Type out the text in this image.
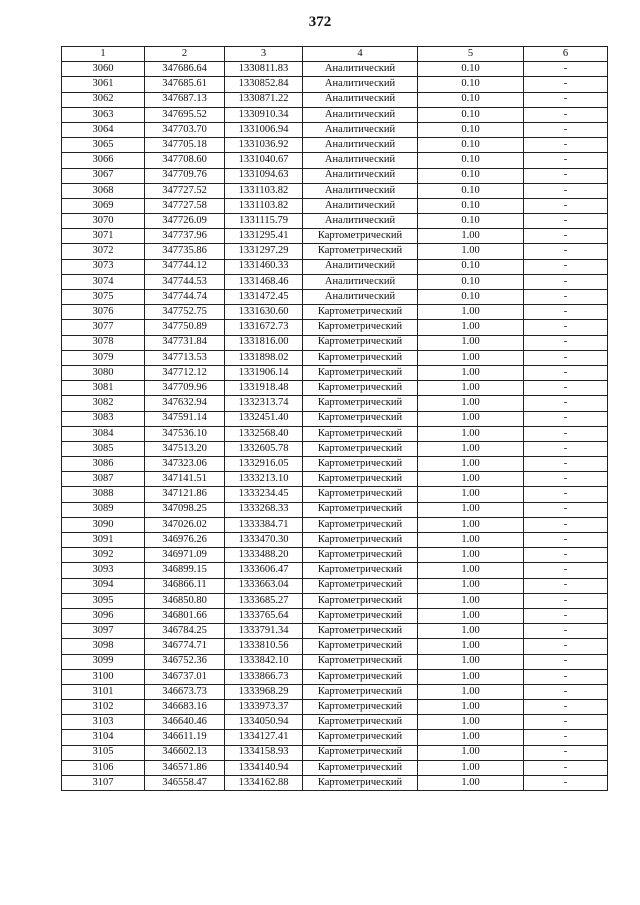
372
1	2	3	4	5	6
3060	347686.64	1330811.83	Аналитический	0.10	-
3061	347685.61	1330852.84	Аналитический	0.10	-
3062	347687.13	1330871.22	Аналитический	0.10	-
3063	347695.52	1330910.34	Аналитический	0.10	-
3064	347703.70	1331006.94	Аналитический	0.10	-
3065	347705.18	1331036.92	Аналитический	0.10	-
3066	347708.60	1331040.67	Аналитический	0.10	-
3067	347709.76	1331094.63	Аналитический	0.10	-
3068	347727.52	1331103.82	Аналитический	0.10	-
3069	347727.58	1331103.82	Аналитический	0.10	-
3070	347726.09	1331115.79	Аналитический	0.10	-
3071	347737.96	1331295.41	Картометрический	1.00	-
3072	347735.86	1331297.29	Картометрический	1.00	-
3073	347744.12	1331460.33	Аналитический	0.10	-
3074	347744.53	1331468.46	Аналитический	0.10	-
3075	347744.74	1331472.45	Аналитический	0.10	-
3076	347752.75	1331630.60	Картометрический	1.00	-
3077	347750.89	1331672.73	Картометрический	1.00	-
3078	347731.84	1331816.00	Картометрический	1.00	-
3079	347713.53	1331898.02	Картометрический	1.00	-
3080	347712.12	1331906.14	Картометрический	1.00	-
3081	347709.96	1331918.48	Картометрический	1.00	-
3082	347632.94	1332313.74	Картометрический	1.00	-
3083	347591.14	1332451.40	Картометрический	1.00	-
3084	347536.10	1332568.40	Картометрический	1.00	-
3085	347513.20	1332605.78	Картометрический	1.00	-
3086	347323.06	1332916.05	Картометрический	1.00	-
3087	347141.51	1333213.10	Картометрический	1.00	-
3088	347121.86	1333234.45	Картометрический	1.00	-
3089	347098.25	1333268.33	Картометрический	1.00	-
3090	347026.02	1333384.71	Картометрический	1.00	-
3091	346976.26	1333470.30	Картометрический	1.00	-
3092	346971.09	1333488.20	Картометрический	1.00	-
3093	346899.15	1333606.47	Картометрический	1.00	-
3094	346866.11	1333663.04	Картометрический	1.00	-
3095	346850.80	1333685.27	Картометрический	1.00	-
3096	346801.66	1333765.64	Картометрический	1.00	-
3097	346784.25	1333791.34	Картометрический	1.00	-
3098	346774.71	1333810.56	Картометрический	1.00	-
3099	346752.36	1333842.10	Картометрический	1.00	-
3100	346737.01	1333866.73	Картометрический	1.00	-
3101	346673.73	1333968.29	Картометрический	1.00	-
3102	346683.16	1333973.37	Картометрический	1.00	-
3103	346640.46	1334050.94	Картометрический	1.00	-
3104	346611.19	1334127.41	Картометрический	1.00	-
3105	346602.13	1334158.93	Картометрический	1.00	-
3106	346571.86	1334140.94	Картометрический	1.00	-
3107	346558.47	1334162.88	Картометрический	1.00	-
